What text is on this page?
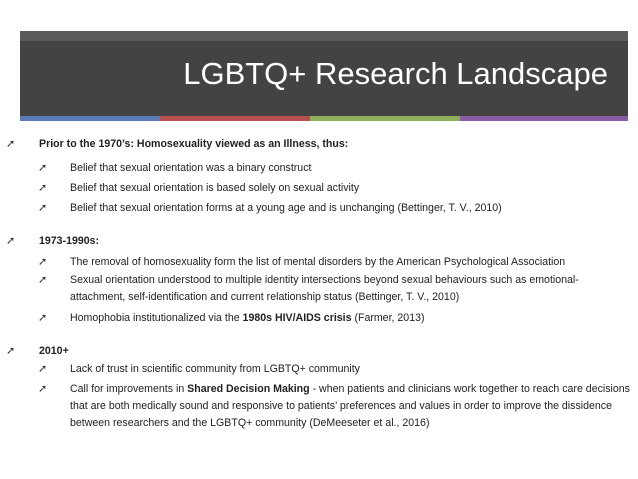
LGBTQ+ Research Landscape
➚ Prior to the 1970’s: Homosexuality viewed as an Illness, thus:
➚ Belief that sexual orientation was a binary construct
➚ Belief that sexual orientation is based solely on sexual activity
➚ Belief that sexual orientation forms at a young age and is unchanging (Bettinger, T. V., 2010)
➚ 1973-1990s:
➚ The removal of homosexuality form the list of mental disorders by the American Psychological Association
➚ Sexual orientation understood to multiple identity intersections beyond sexual behaviours such as emotional-attachment, self-identification and current relationship status (Bettinger, T. V., 2010)
➚ Homophobia institutionalized via the 1980s HIV/AIDS crisis (Farmer, 2013)
➚ 2010+
➚ Lack of trust in scientific community from LGBTQ+ community
➚ Call for improvements in Shared Decision Making - when patients and clinicians work together to reach care decisions that are both medically sound and responsive to patients’ preferences and values in order to improve the dissidence between researchers and the LGBTQ+ community (DeMeeseter et al., 2016)
